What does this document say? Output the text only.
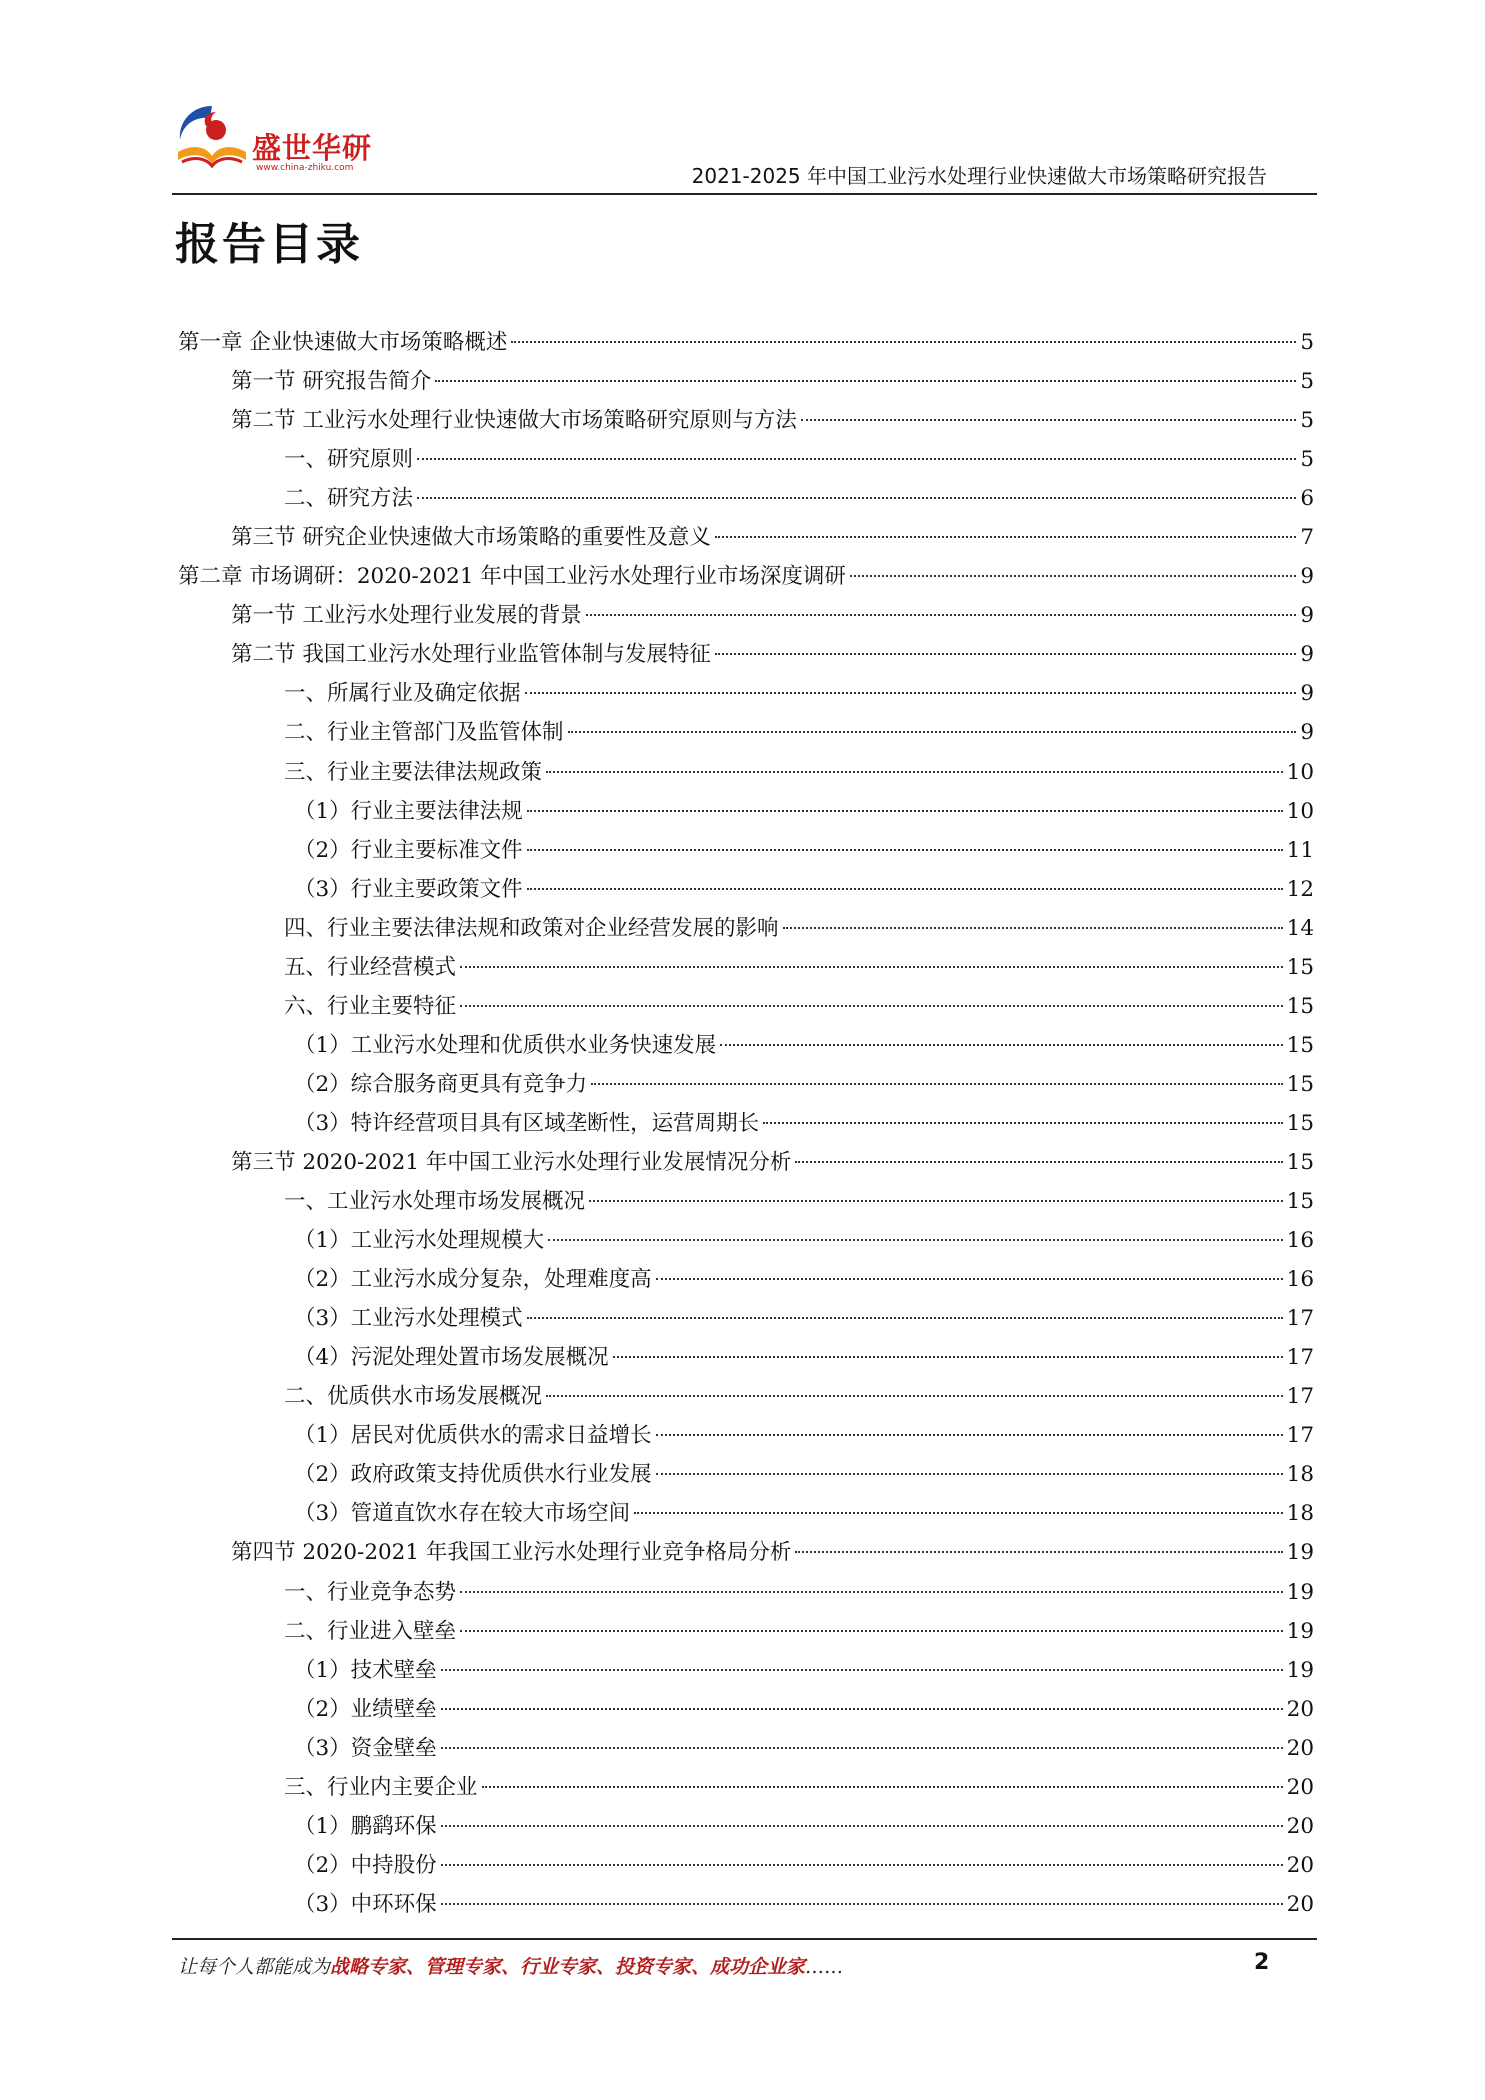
盛世华研
www.china-zhiku.com	2021-2025 年中国工业污水处理行业快速做大市场策略研究报告
报告目录
第一章 企业快速做大市场策略概述	5
第一节 研究报告简介	5
第二节 工业污水处理行业快速做大市场策略研究原则与方法	5
一、研究原则	5
二、研究方法	6
第三节 研究企业快速做大市场策略的重要性及意义	7
第二章 市场调研：2020-2021 年中国工业污水处理行业市场深度调研	9
第一节 工业污水处理行业发展的背景	9
第二节 我国工业污水处理行业监管体制与发展特征	9
一、所属行业及确定依据	9
二、行业主管部门及监管体制	9
三、行业主要法律法规政策	10
（1）行业主要法律法规	10
（2）行业主要标准文件	11
（3）行业主要政策文件	12
四、行业主要法律法规和政策对企业经营发展的影响	14
五、行业经营模式	15
六、行业主要特征	15
（1）工业污水处理和优质供水业务快速发展	15
（2）综合服务商更具有竞争力	15
（3）特许经营项目具有区域垄断性，运营周期长	15
第三节 2020-2021 年中国工业污水处理行业发展情况分析	15
一、工业污水处理市场发展概况	15
（1）工业污水处理规模大	16
（2）工业污水成分复杂，处理难度高	16
（3）工业污水处理模式	17
（4）污泥处理处置市场发展概况	17
二、优质供水市场发展概况	17
（1）居民对优质供水的需求日益增长	17
（2）政府政策支持优质供水行业发展	18
（3）管道直饮水存在较大市场空间	18
第四节 2020-2021 年我国工业污水处理行业竞争格局分析	19
一、行业竞争态势	19
二、行业进入壁垒	19
（1）技术壁垒	19
（2）业绩壁垒	20
（3）资金壁垒	20
三、行业内主要企业	20
（1）鹏鹞环保	20
（2）中持股份	20
（3）中环环保	20
让每个人都能成为战略专家、管理专家、行业专家、投资专家、成功企业家……	2
